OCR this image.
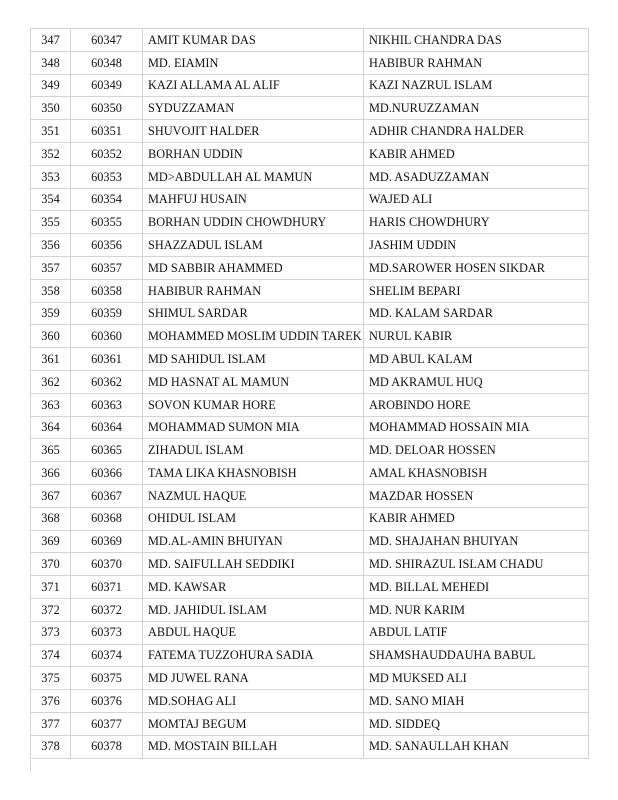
347	60347	AMIT KUMAR DAS	NIKHIL CHANDRA DAS
348	60348	MD. EIAMIN	HABIBUR RAHMAN
349	60349	KAZI ALLAMA AL ALIF	KAZI NAZRUL ISLAM
350	60350	SYDUZZAMAN	MD.NURUZZAMAN
351	60351	SHUVOJIT HALDER	ADHIR CHANDRA HALDER
352	60352	BORHAN UDDIN	KABIR AHMED
353	60353	MD>ABDULLAH AL MAMUN	MD. ASADUZZAMAN
354	60354	MAHFUJ HUSAIN	WAJED ALI
355	60355	BORHAN UDDIN CHOWDHURY	HARIS CHOWDHURY
356	60356	SHAZZADUL ISLAM	JASHIM UDDIN
357	60357	MD SABBIR AHAMMED	MD.SAROWER HOSEN SIKDAR
358	60358	HABIBUR RAHMAN	SHELIM BEPARI
359	60359	SHIMUL SARDAR	MD. KALAM SARDAR
360	60360	MOHAMMED MOSLIM UDDIN TAREK	NURUL KABIR
361	60361	MD SAHIDUL ISLAM	MD ABUL KALAM
362	60362	MD HASNAT AL MAMUN	MD AKRAMUL HUQ
363	60363	SOVON KUMAR HORE	AROBINDO HORE
364	60364	MOHAMMAD SUMON MIA	MOHAMMAD HOSSAIN MIA
365	60365	ZIHADUL ISLAM	MD. DELOAR HOSSEN
366	60366	TAMA LIKA KHASNOBISH	AMAL KHASNOBISH
367	60367	NAZMUL HAQUE	MAZDAR HOSSEN
368	60368	OHIDUL ISLAM	KABIR AHMED
369	60369	MD.AL-AMIN BHUIYAN	MD. SHAJAHAN BHUIYAN
370	60370	MD. SAIFULLAH SEDDIKI	MD. SHIRAZUL ISLAM CHADU
371	60371	MD. KAWSAR	MD. BILLAL MEHEDI
372	60372	MD. JAHIDUL ISLAM	MD. NUR KARIM
373	60373	ABDUL HAQUE	ABDUL LATIF
374	60374	FATEMA TUZZOHURA SADIA	SHAMSHAUDDAUHA BABUL
375	60375	MD JUWEL RANA	MD MUKSED ALI
376	60376	MD.SOHAG ALI	MD. SANO MIAH
377	60377	MOMTAJ BEGUM	MD. SIDDEQ
378	60378	MD. MOSTAIN BILLAH	MD. SANAULLAH KHAN
